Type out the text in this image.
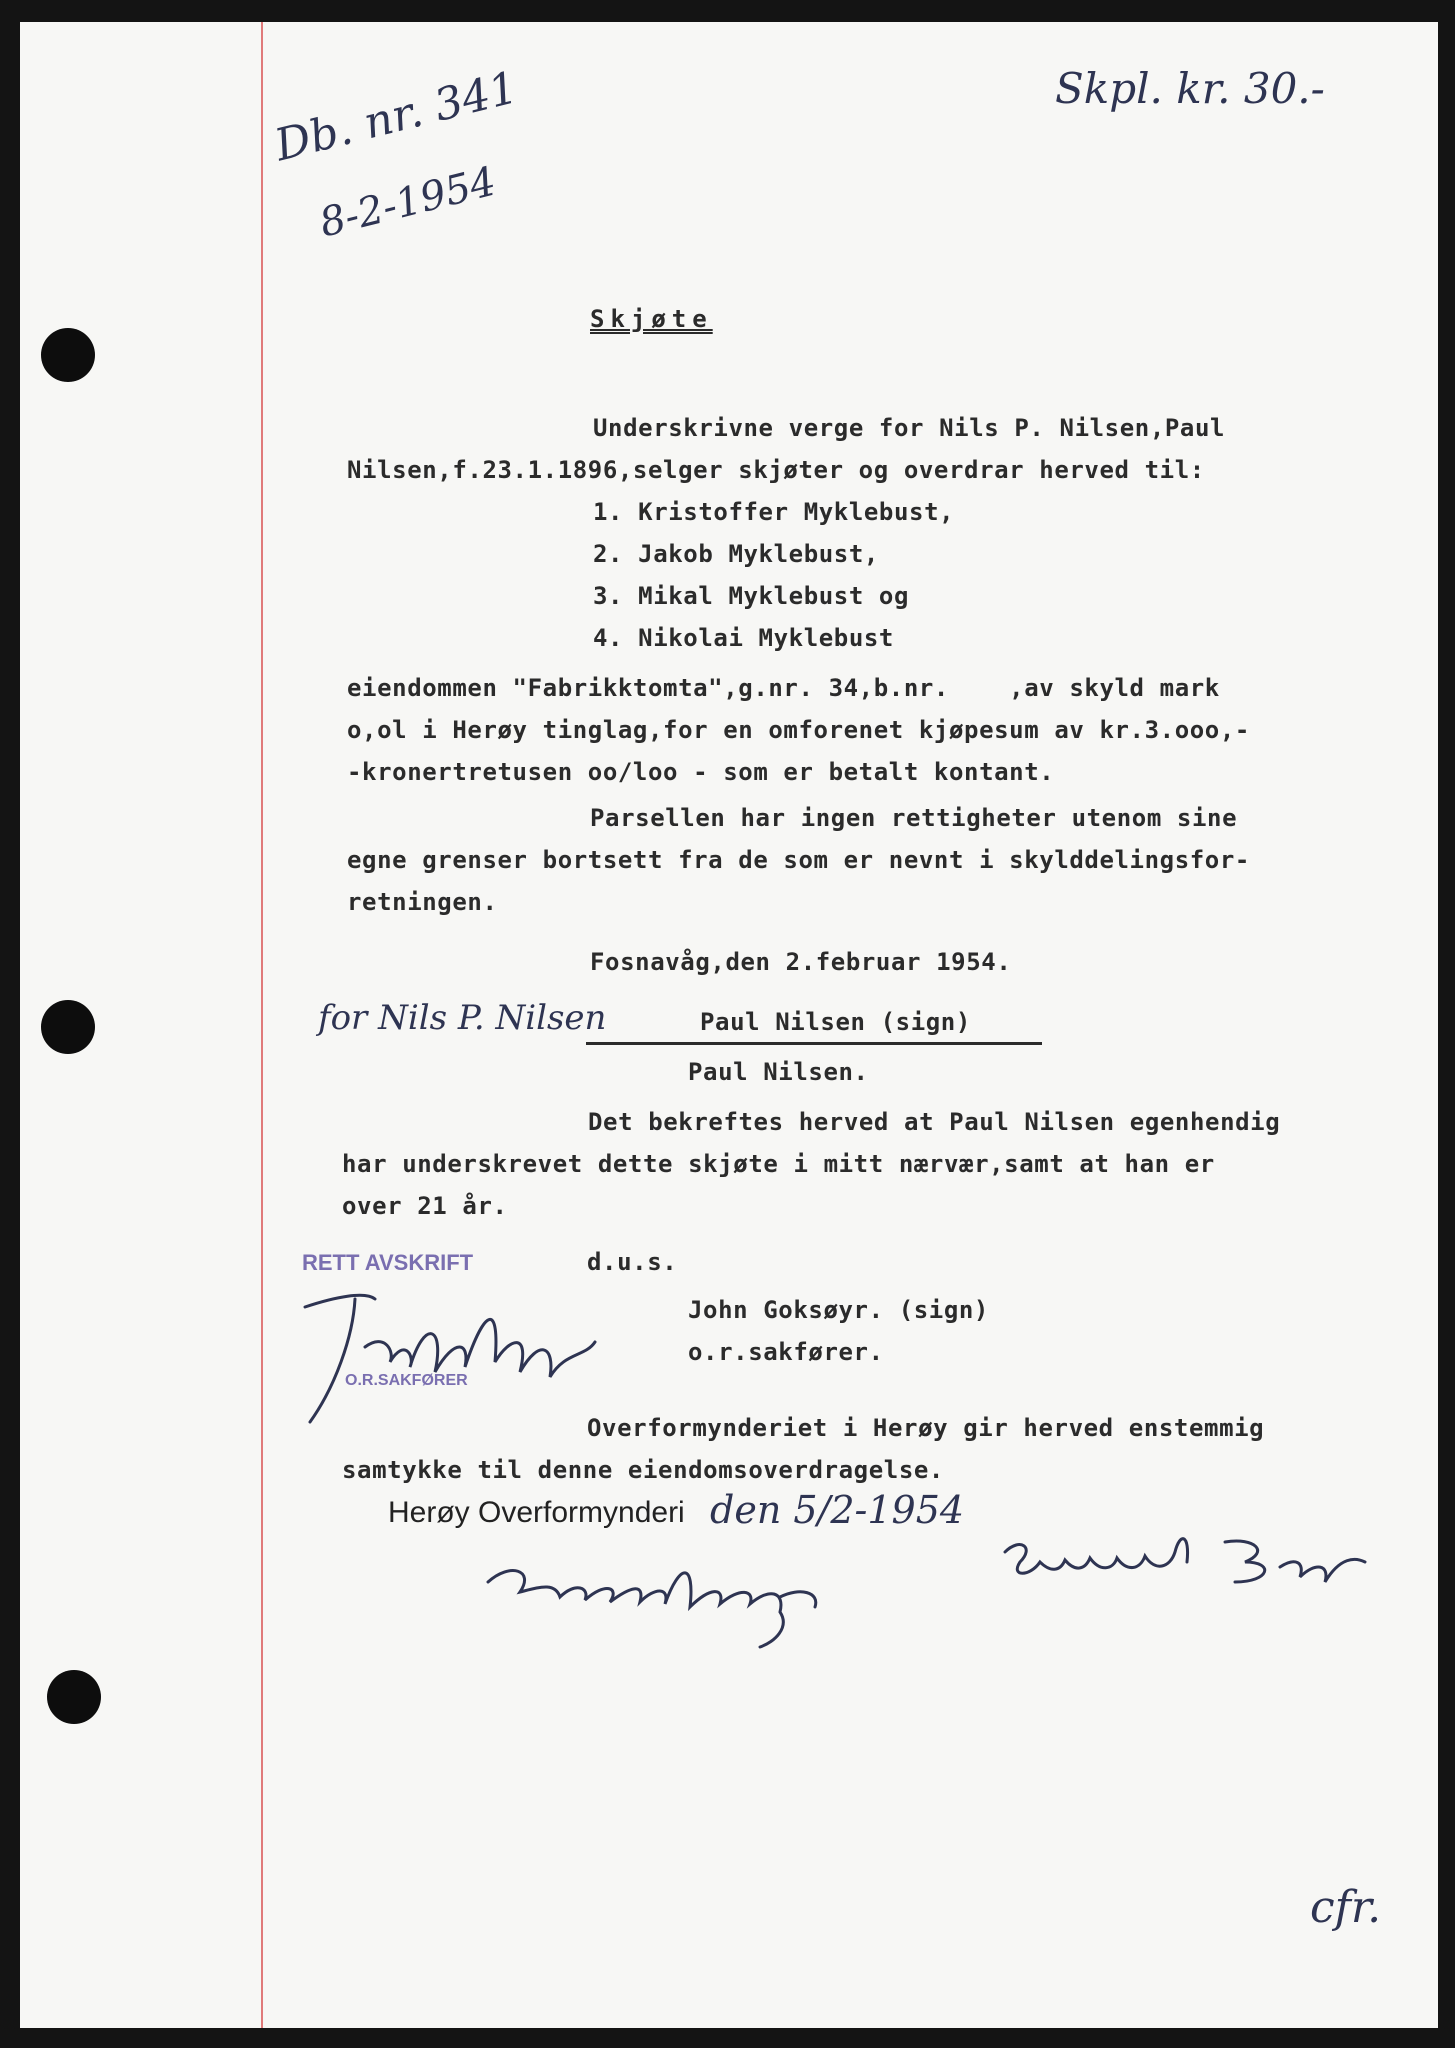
Db. nr. 341
8-2-1954
Skpl. kr. 30.-
Skjøte
Underskrivne verge for Nils P. Nilsen,Paul
Nilsen,f.23.1.1896,selger skjøter og overdrar herved til:
1. Kristoffer Myklebust,
2. Jakob Myklebust,
3. Mikal Myklebust og
4. Nikolai Myklebust
eiendommen "Fabrikktomta",g.nr. 34,b.nr.    ,av skyld mark
o,ol i Herøy tinglag,for en omforenet kjøpesum av kr.3.ooo,-
-kronertretusen oo/loo - som er betalt kontant.
Parsellen har ingen rettigheter utenom sine
egne grenser bortsett fra de som er nevnt i skylddelingsfor-
retningen.
Fosnavåg,den 2.februar 1954.
for Nils P. Nilsen	Paul Nilsen (sign)
Paul Nilsen.
Det bekreftes herved at Paul Nilsen egenhendig
har underskrevet dette skjøte i mitt nærvær,samt at han er
over 21 år.
RETT AVSKRIFT	d.u.s.
John Goksøyr. (sign)
o.r.sakfører.
O.R.SAKFØRER
Overformynderiet i Herøy gir herved enstemmig
samtykke til denne eiendomsoverdragelse.
Herøy Overformynderi den 5/2-1954
cfr.
